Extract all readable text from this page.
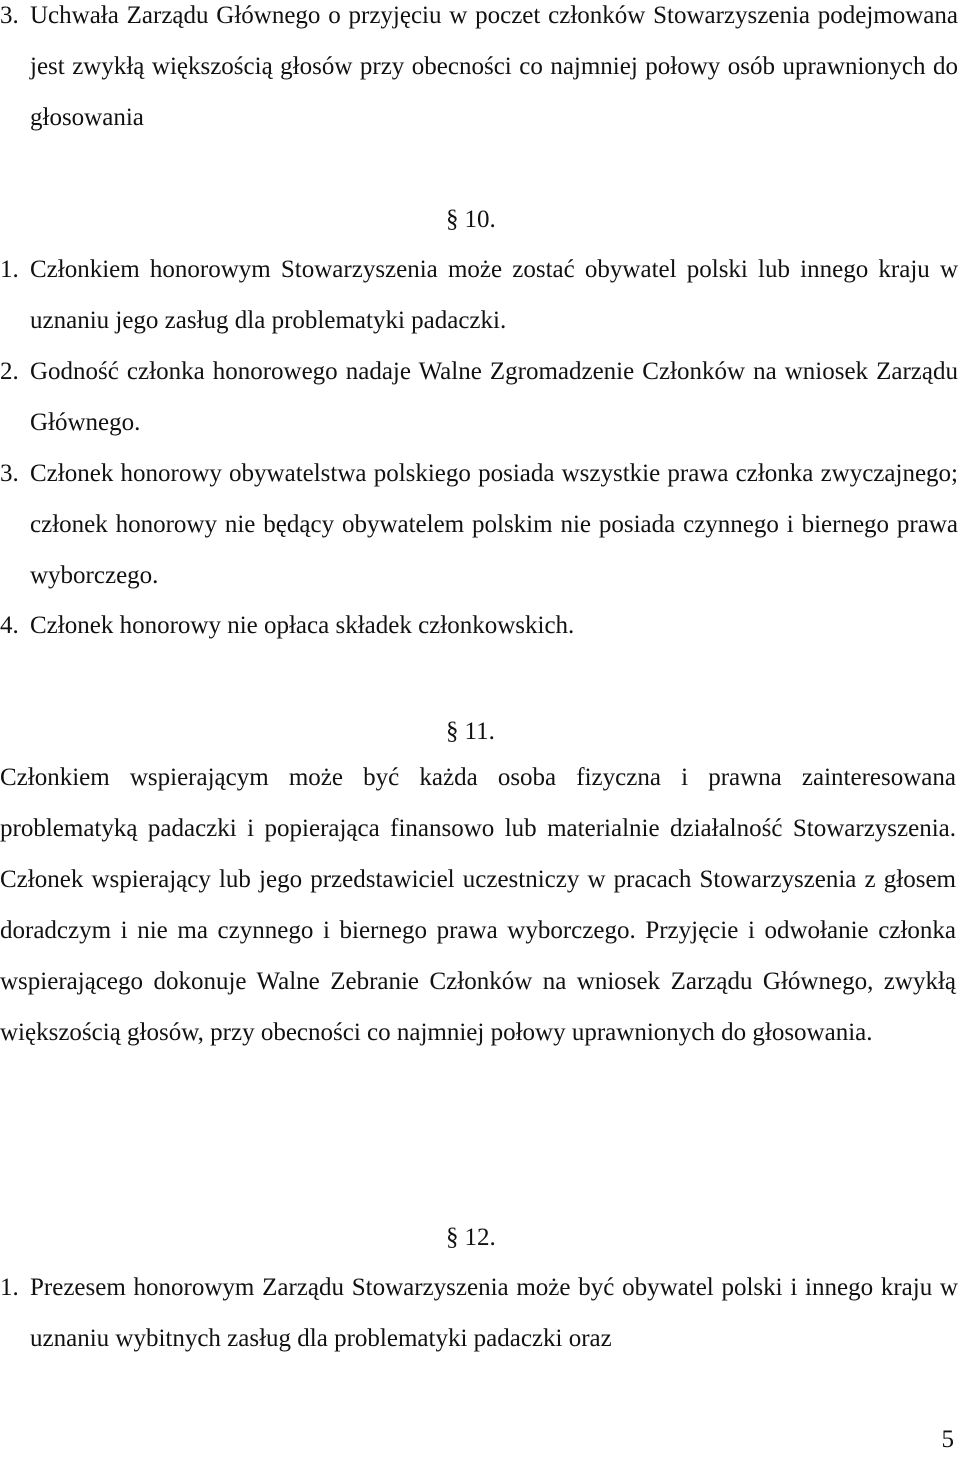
3. Uchwała Zarządu Głównego o przyjęciu w poczet członków Stowarzyszenia podejmowana jest zwykłą większością głosów przy obecności co najmniej połowy osób uprawnionych do głosowania
§ 10.
1. Członkiem honorowym Stowarzyszenia może zostać obywatel polski lub innego kraju w uznaniu jego zasług dla problematyki padaczki.
2. Godność członka honorowego nadaje Walne Zgromadzenie Członków na wniosek Zarządu Głównego.
3. Członek honorowy obywatelstwa polskiego posiada wszystkie prawa członka zwyczajnego; członek honorowy nie będący obywatelem polskim nie posiada czynnego i biernego prawa wyborczego.
4. Członek honorowy nie opłaca składek członkowskich.
§ 11.

Członkiem wspierającym może być każda osoba fizyczna i prawna zainteresowana problematyką padaczki i popierająca finansowo lub materialnie działalność Stowarzyszenia. Członek wspierający lub jego przedstawiciel uczestniczy w pracach Stowarzyszenia z głosem doradczym i nie ma czynnego i biernego prawa wyborczego. Przyjęcie i odwołanie członka wspierającego dokonuje Walne Zebranie Członków na wniosek Zarządu Głównego, zwykłą większością głosów, przy obecności co najmniej połowy uprawnionych do głosowania.

§ 12.
1. Prezesem honorowym Zarządu Stowarzyszenia może być obywatel polski i innego kraju w uznaniu wybitnych zasług dla problematyki padaczki oraz
5
